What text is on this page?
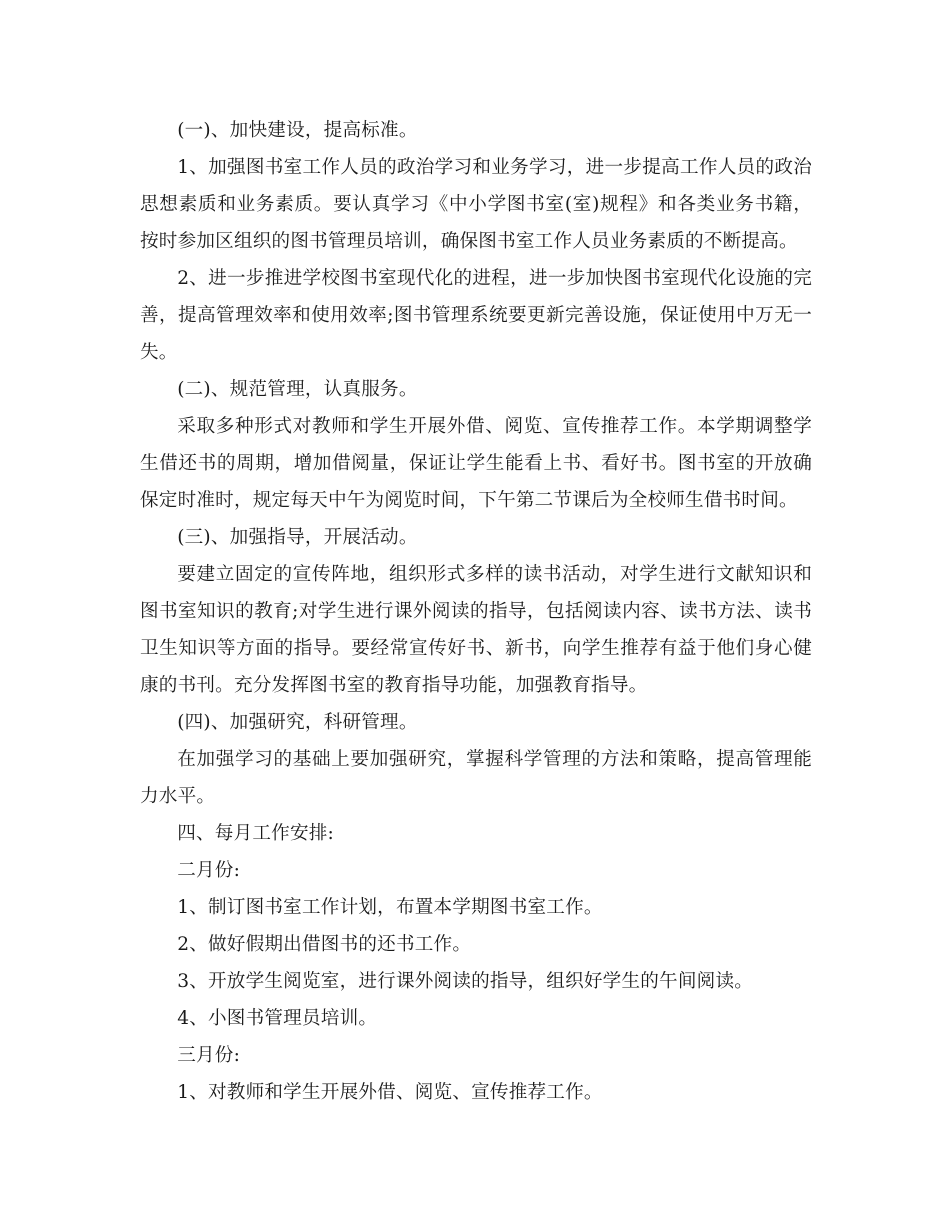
(一)、加快建设，提高标准。

1、加强图书室工作人员的政治学习和业务学习，进一步提高工作人员的政治思想素质和业务素质。要认真学习《中小学图书室(室)规程》和各类业务书籍，按时参加区组织的图书管理员培训，确保图书室工作人员业务素质的不断提高。

2、进一步推进学校图书室现代化的进程，进一步加快图书室现代化设施的完善，提高管理效率和使用效率;图书管理系统要更新完善设施，保证使用中万无一失。

(二)、规范管理，认真服务。

采取多种形式对教师和学生开展外借、阅览、宣传推荐工作。本学期调整学生借还书的周期，增加借阅量，保证让学生能看上书、看好书。图书室的开放确保定时准时，规定每天中午为阅览时间，下午第二节课后为全校师生借书时间。

(三)、加强指导，开展活动。

要建立固定的宣传阵地，组织形式多样的读书活动，对学生进行文献知识和图书室知识的教育;对学生进行课外阅读的指导，包括阅读内容、读书方法、读书卫生知识等方面的指导。要经常宣传好书、新书，向学生推荐有益于他们身心健康的书刊。充分发挥图书室的教育指导功能，加强教育指导。

(四)、加强研究，科研管理。

在加强学习的基础上要加强研究，掌握科学管理的方法和策略，提高管理能力水平。

四、每月工作安排:

二月份:

1、制订图书室工作计划，布置本学期图书室工作。

2、做好假期出借图书的还书工作。

3、开放学生阅览室，进行课外阅读的指导，组织好学生的午间阅读。

4、小图书管理员培训。

三月份:

1、对教师和学生开展外借、阅览、宣传推荐工作。
